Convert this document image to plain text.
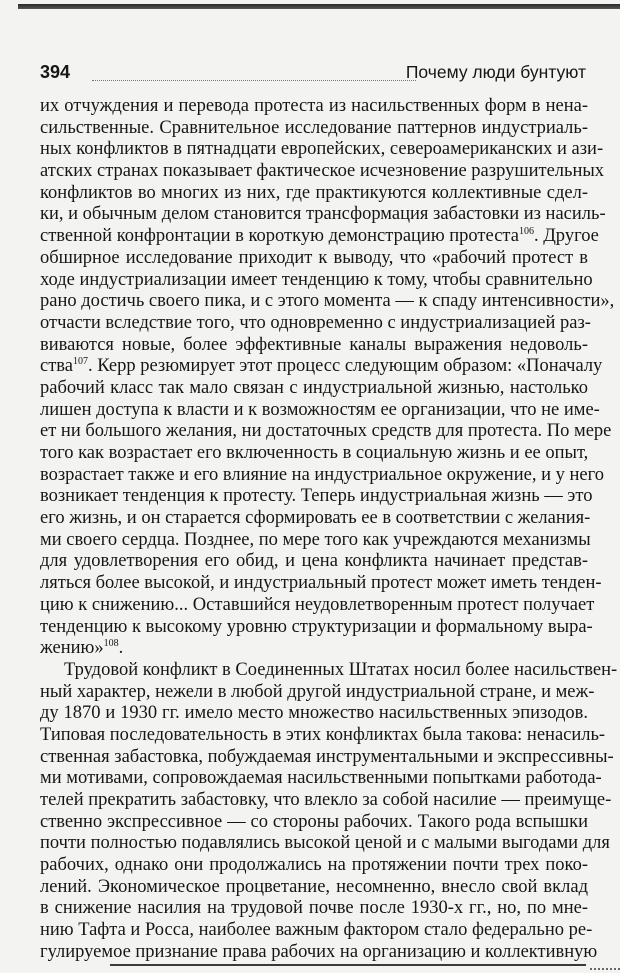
394	Почему люди бунтуют
их отчуждения и перевода протеста из насильственных форм в нена-
сильственные. Сравнительное исследование паттернов индустриаль-
ных конфликтов в пятнадцати европейских, североамериканских и ази-
атских странах показывает фактическое исчезновение разрушительных
конфликтов во многих из них, где практикуются коллективные сдел-
ки, и обычным делом становится трансформация забастовки из насиль-
ственной конфронтации в короткую демонстрацию протеста$^{106}$. Другое
обширное исследование приходит к выводу, что «рабочий протест в
ходе индустриализации имеет тенденцию к тому, чтобы сравнительно
рано достичь своего пика, и с этого момента — к спаду интенсивности»,
отчасти вследствие того, что одновременно с индустриализацией раз-
виваются новые, более эффективные каналы выражения недоволь-
ства$^{107}$. Керр резюмирует этот процесс следующим образом: «Поначалу
рабочий класс так мало связан с индустриальной жизнью, настолько
лишен доступа к власти и к возможностям ее организации, что не име-
ет ни большого желания, ни достаточных средств для протеста. По мере
того как возрастает его включенность в социальную жизнь и ее опыт,
возрастает также и его влияние на индустриальное окружение, и у него
возникает тенденция к протесту. Теперь индустриальная жизнь — это
его жизнь, и он старается сформировать ее в соответствии с желания-
ми своего сердца. Позднее, по мере того как учреждаются механизмы
для удовлетворения его обид, и цена конфликта начинает представ-
ляться более высокой, и индустриальный протест может иметь тенден-
цию к снижению... Оставшийся неудовлетворенным протест получает
тенденцию к высокому уровню структуризации и формальному выра-
жению»$^{108}$.
Трудовой конфликт в Соединенных Штатах носил более насильствен-
ный характер, нежели в любой другой индустриальной стране, и меж-
ду 1870 и 1930 гг. имело место множество насильственных эпизодов.
Типовая последовательность в этих конфликтах была такова: ненасиль-
ственная забастовка, побуждаемая инструментальными и экспрессивны-
ми мотивами, сопровождаемая насильственными попытками работода-
телей прекратить забастовку, что влекло за собой насилие — преимуще-
ственно экспрессивное — со стороны рабочих. Такого рода вспышки
почти полностью подавлялись высокой ценой и с малыми выгодами для
рабочих, однако они продолжались на протяжении почти трех поко-
лений. Экономическое процветание, несомненно, внесло свой вклад
в снижение насилия на трудовой почве после 1930-х гг., но, по мне-
нию Тафта и Росса, наиболее важным фактором стало федерально ре-
гулируемое признание права рабочих на организацию и коллективную
